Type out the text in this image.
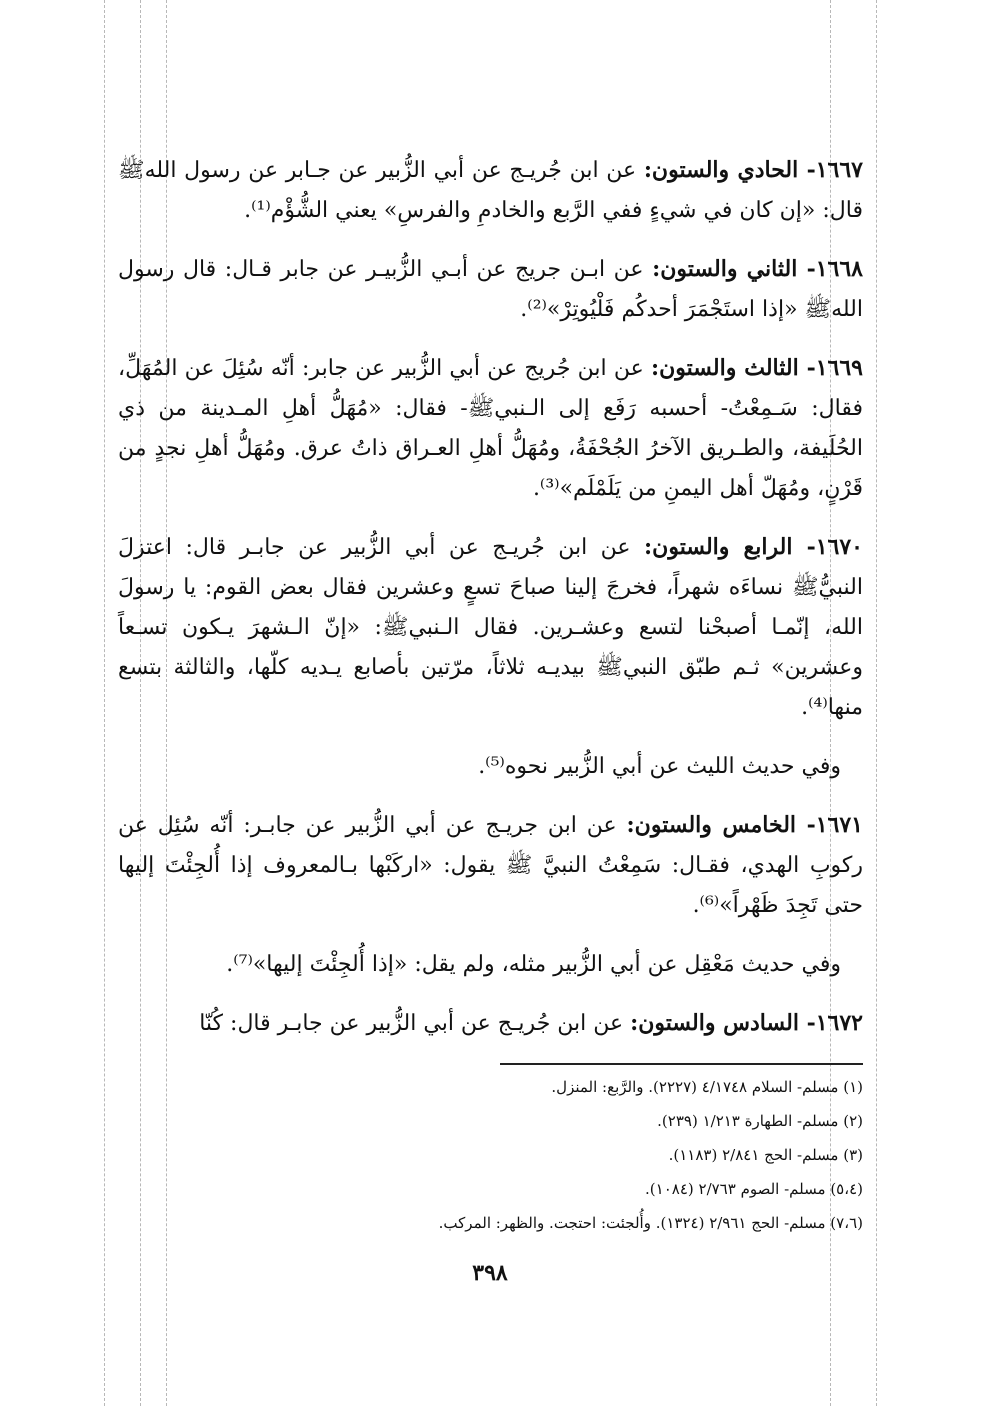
١٦٦٧- الحادي والستون: عن ابن جُريـج عن أبي الزُّبير عن جـابر عن رسول اللهﷺ قال: «إن كان في شيءٍ ففي الرَّبع والخادمِ والفرسِ» يعني الشُّؤْم⁽¹⁾.

١٦٦٨- الثاني والستون: عن ابـن جريج عن أبـي الزُّبيـر عن جابر قـال: قال رسول اللهﷺ «إذا استَجْمَرَ أحدكُم فَلْيُوتِرْ»⁽²⁾.

١٦٦٩- الثالث والستون: عن ابن جُريج عن أبي الزُّبير عن جابر: أنّه سُئِلَ عن المُهَلِّ، فقال: سَـمِعْتُ- أحسبه رَفَع إلى الـنبيﷺ- فقال: «مُهَلُّ أهلِ المـدينة من ذي الحُلَيفة، والطـريق الآخرُ الجُحْفَةُ، ومُهَلُّ أهلِ العـراق ذاتُ عرق. ومُهَلُّ أهلِ نجدٍ من قَرْنٍ، ومُهَلّ أهل اليمنِ من يَلَمْلَم»⁽³⁾.

١٦٧٠- الرابع والستون: عن ابن جُريـج عن أبي الزُّبير عن جابـر قال: اعتزلَ النبيُّﷺ نساءَه شهراً، فخرجَ إلينا صباحَ تسعٍ وعشرين فقال بعض القوم: يا رسولَ الله، إنّمـا أصبحْنا لتسع وعشـرين. فقال الـنبيﷺ: «إنّ الـشهرَ يـكون تسـعاً وعشرين» ثـم طبّق النبيﷺ بيديـه ثلاثاً، مرّتين بأصابع يـديه كلّها، والثالثة بتسع منها⁽⁴⁾.

وفي حديث الليث عن أبي الزُّبير نحوه⁽⁵⁾.

١٦٧١- الخامس والستون: عن ابن جريـج عن أبي الزُّبير عن جابـر: أنّه سُئِل عن ركوبِ الهدي، فقـال: سَمِعْتُ النبيَّ ﷺ يقول: «اركَبْها بـالمعروف إذا أُلجِئْتَ إليها حتى تَجِدَ ظَهْراً»⁽⁶⁾.

وفي حديث مَعْقِل عن أبي الزُّبير مثله، ولم يقل: «إذا أُلجِئْتَ إليها»⁽⁷⁾.

١٦٧٢- السادس والستون: عن ابن جُريـج عن أبي الزُّبير عن جابـر قال: كُنّا

(١) مسلم- السلام ٤/١٧٤٨ (٢٢٢٧). والرَّبع: المنزل.

(٢) مسلم- الطهارة ١/٢١٣ (٢٣٩).

(٣) مسلم- الحج ٢/٨٤١ (١١٨٣).

(٥،٤) مسلم- الصوم ٢/٧٦٣ (١٠٨٤).

(٧،٦) مسلم- الحج ٢/٩٦١ (١٣٢٤). وأُلجئت: احتجت. والظهر: المركب.

٣٩٨
